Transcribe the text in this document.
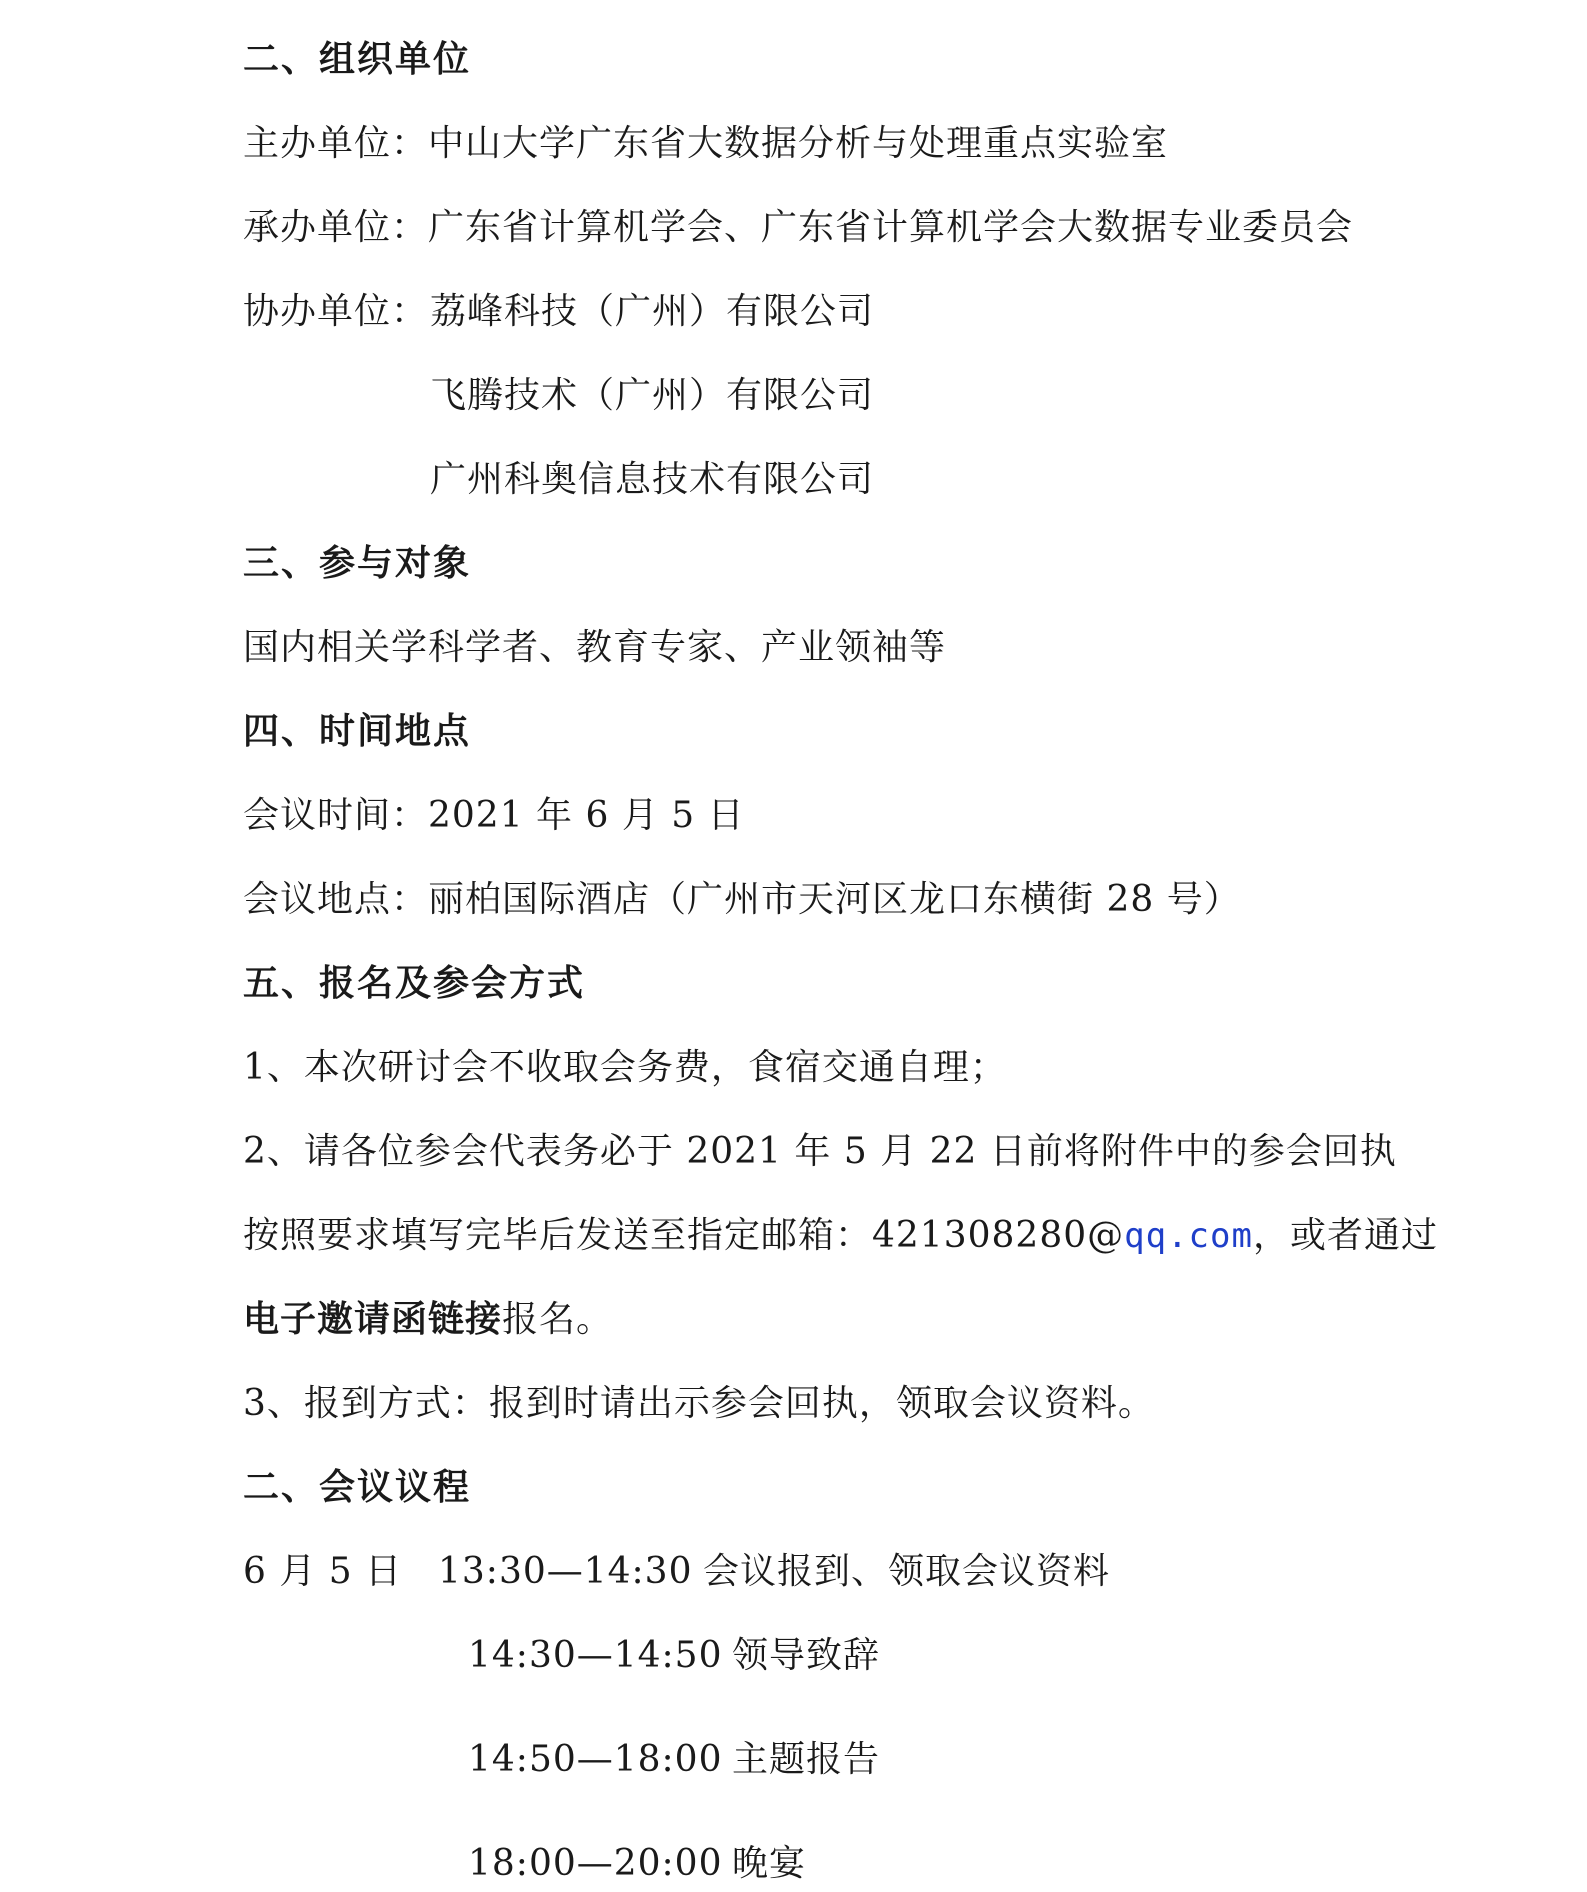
二、组织单位
主办单位：中山大学广东省大数据分析与处理重点实验室
承办单位：广东省计算机学会、广东省计算机学会大数据专业委员会
协办单位： 荔峰科技（广州）有限公司
飞腾技术（广州）有限公司
广州科奥信息技术有限公司
三、参与对象
国内相关学科学者、教育专家、产业领袖等
四、时间地点
会议时间：2021 年 6 月 5 日
会议地点：丽柏国际酒店（广州市天河区龙口东横街 28 号）
五、报名及参会方式
1、本次研讨会不收取会务费，食宿交通自理；
2、请各位参会代表务必于 2021 年 5 月 22 日前将附件中的参会回执
按照要求填写完毕后发送至指定邮箱：421308280@qq.com，或者通过
电子邀请函链接报名。
3、报到方式：报到时请出示参会回执，领取会议资料。
二、会议议程
6 月 5 日 13:30—14:30 会议报到、领取会议资料
14:30—14:50 领导致辞
14:50—18:00 主题报告
18:00—20:00 晚宴
